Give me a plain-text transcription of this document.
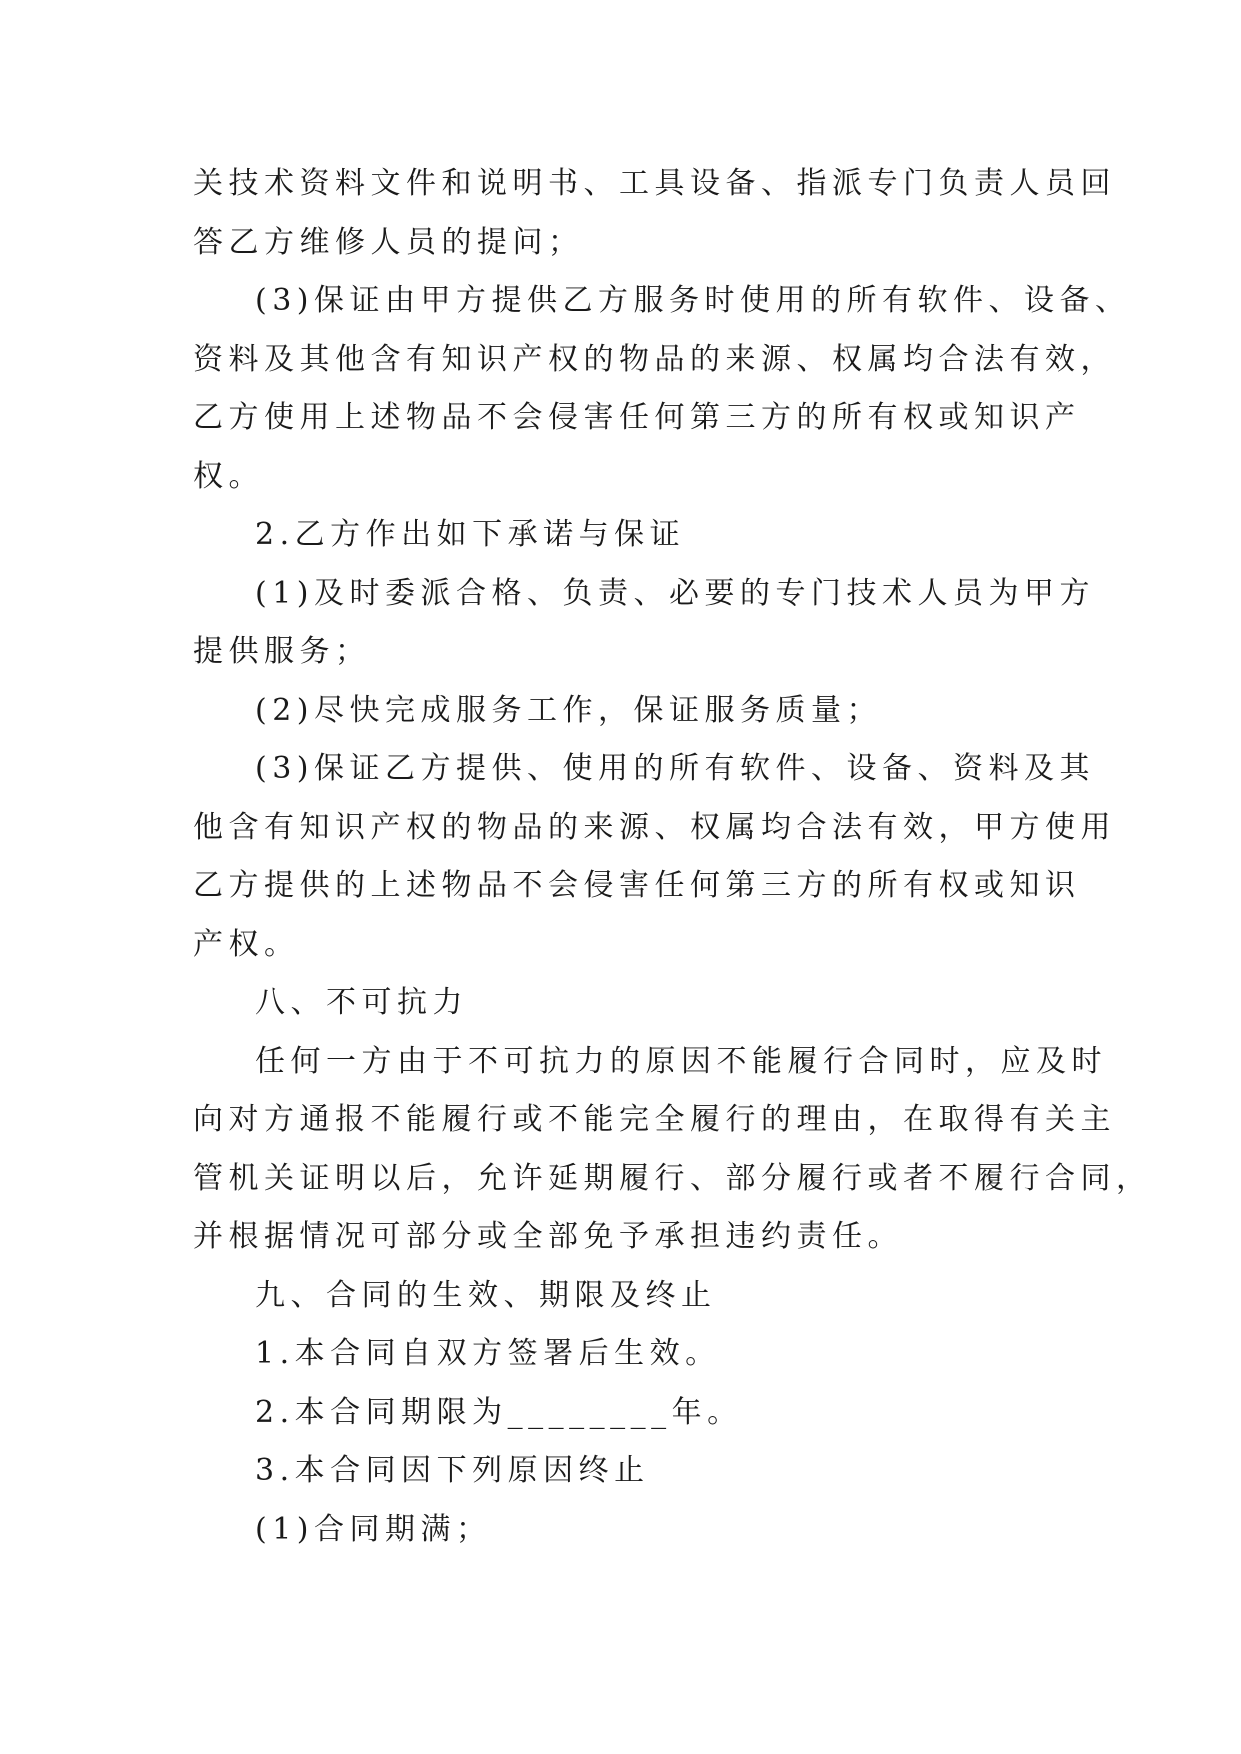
关技术资料文件和说明书、工具设备、指派专门负责人员回
答乙方维修人员的提问；
(3)保证由甲方提供乙方服务时使用的所有软件、设备、
资料及其他含有知识产权的物品的来源、权属均合法有效，
乙方使用上述物品不会侵害任何第三方的所有权或知识产
权。
2.乙方作出如下承诺与保证
(1)及时委派合格、负责、必要的专门技术人员为甲方
提供服务；
(2)尽快完成服务工作，保证服务质量；
(3)保证乙方提供、使用的所有软件、设备、资料及其
他含有知识产权的物品的来源、权属均合法有效，甲方使用
乙方提供的上述物品不会侵害任何第三方的所有权或知识
产权。
八、不可抗力
任何一方由于不可抗力的原因不能履行合同时，应及时
向对方通报不能履行或不能完全履行的理由，在取得有关主
管机关证明以后，允许延期履行、部分履行或者不履行合同，
并根据情况可部分或全部免予承担违约责任。
九、合同的生效、期限及终止
1.本合同自双方签署后生效。
2.本合同期限为________年。
3.本合同因下列原因终止
(1)合同期满；
